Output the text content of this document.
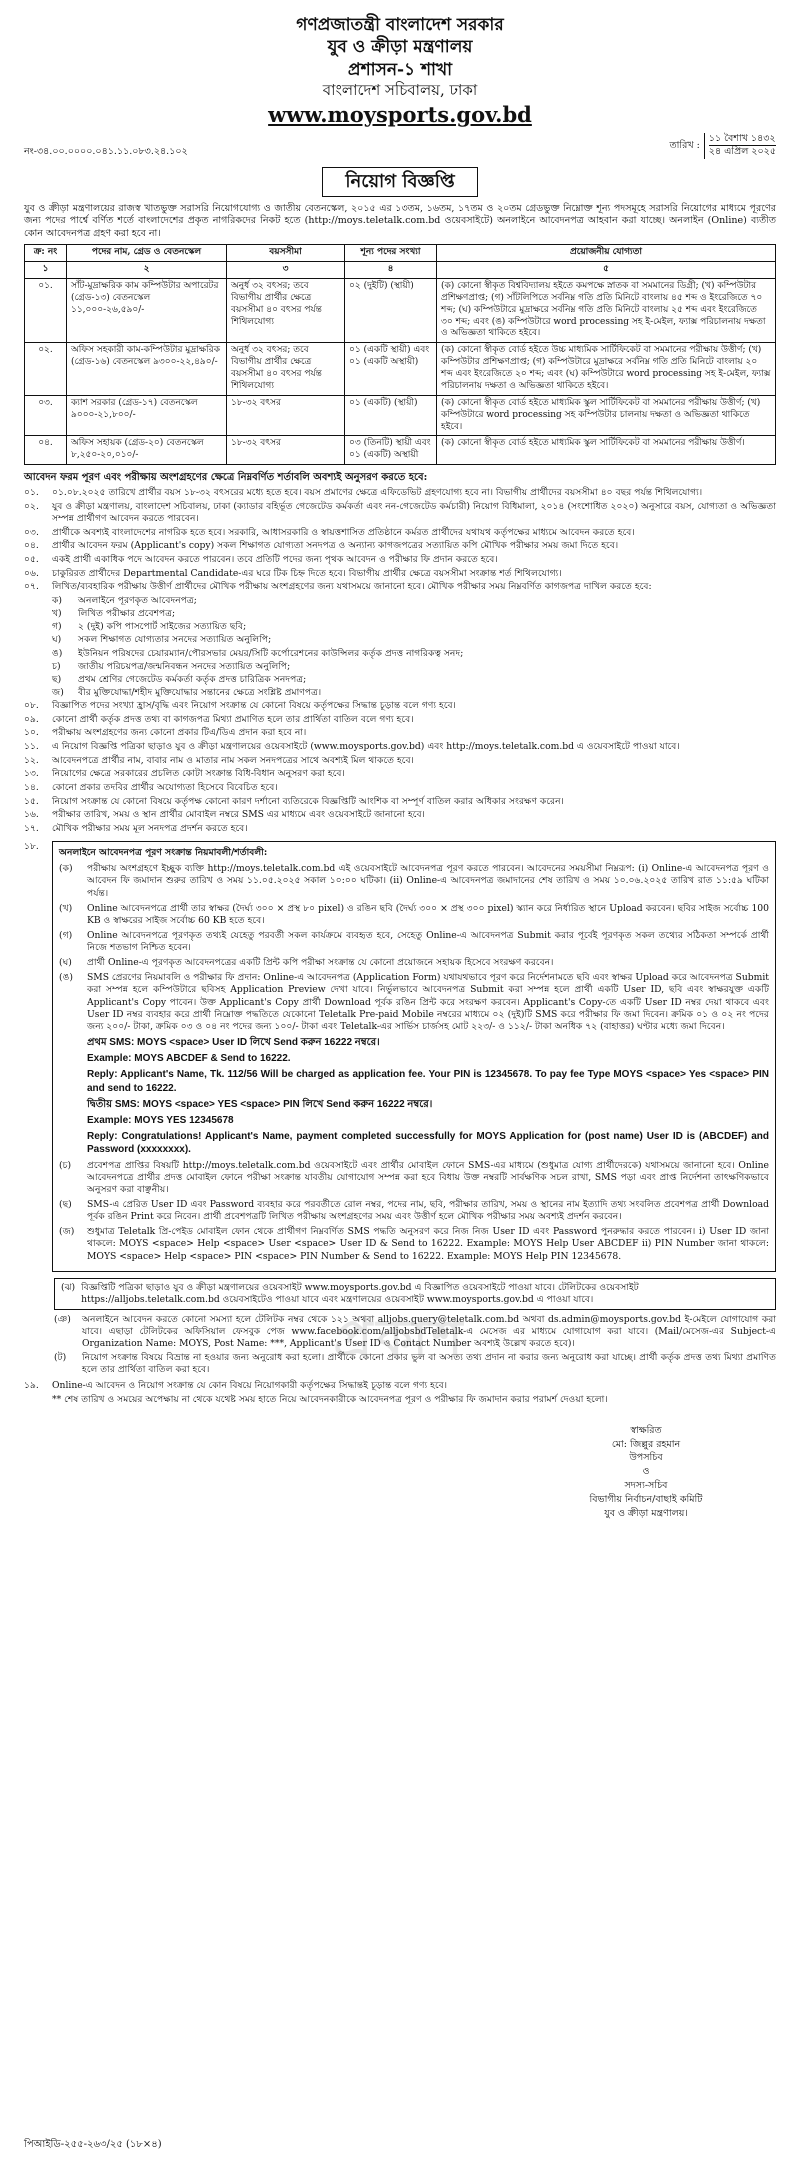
গণপ্রজাতন্ত্রী বাংলাদেশ সরকার
যুব ও ক্রীড়া মন্ত্রণালয়
প্রশাসন-১ শাখা
বাংলাদেশ সচিবালয়, ঢাকা
www.moysports.gov.bd
নং-৩৪.০০.০০০০.০৪১.১১.০৮৩.২৪.১০২
তারিখ :
১১ বৈশাখ ১৪৩২
২৪ এপ্রিল ২০২৫
নিয়োগ বিজ্ঞপ্তি

যুব ও ক্রীড়া মন্ত্রণালয়ের রাজস্ব খাতভুক্ত সরাসরি নিয়োগযোগ্য ও জাতীয় বেতনস্কেল, ২০১৫ এর ১৩তম, ১৬তম, ১৭তম ও ২০তম গ্রেডভুক্ত নিম্নোক্ত শূন্য পদসমূহে সরাসরি নিয়োগের মাধ্যমে পূরণের জন্য পদের পার্শ্বে বর্ণিত শর্তে বাংলাদেশের প্রকৃত নাগরিকদের নিকট হতে (http://moys.teletalk.com.bd ওয়েবসাইটে) অনলাইনে আবেদনপত্র আহবান করা যাচ্ছে। অনলাইন (Online) ব্যতীত কোন আবেদনপত্র গ্রহণ করা হবে না।

ক্র: নং	পদের নাম, গ্রেড ও বেতনস্কেল	বয়সসীমা	শূন্য পদের সংখ্যা	প্রয়োজনীয় যোগ্যতা
১	২	৩	৪	৫
০১.	সাঁট-মুদ্রাক্ষরিক কাম কম্পিউটার অপারেটর (গ্রেড-১৩) বেতনস্কেল ১১,০০০-২৬,৫৯০/-	অনুর্ধ ৩২ বৎসর; তবে বিভাগীয় প্রার্থীর ক্ষেত্রে বয়সসীমা ৪০ বৎসর পর্যন্ত শিথিলযোগ্য	০২ (দুইটি) (স্থায়ী)	(ক) কোনো স্বীকৃত বিশ্ববিদ্যালয় হইতে কমপক্ষে স্নাতক বা সমমানের ডিগ্রী; (খ) কম্পিউটার প্রশিক্ষণপ্রাপ্ত; (গ) সাঁটলিপিতে সর্বনিম্ন গতি প্রতি মিনিটে বাংলায় ৪৫ শব্দ ও ইংরেজিতে ৭০ শব্দ; (ঘ) কম্পিউটারে মুদ্রাক্ষরে সর্বনিম্ন গতি প্রতি মিনিটে বাংলায় ২৫ শব্দ এবং ইংরেজিতে ৩০ শব্দ; এবং (ঙ) কম্পিউটারে word processing সহ ই-মেইল, ফ্যাক্স পরিচালনায় দক্ষতা ও অভিজ্ঞতা থাকিতে হইবে।
০২.	অফিস সহকারী কাম-কম্পিউটার মুদ্রাক্ষরিক (গ্রেড-১৬) বেতনস্কেল ৯৩০০-২২,৪৯০/-	অনুর্ধ ৩২ বৎসর; তবে বিভাগীয় প্রার্থীর ক্ষেত্রে বয়সসীমা ৪০ বৎসর পর্যন্ত শিথিলযোগ্য	০১ (একটি স্থায়ী) এবং ০১ (একটি অস্থায়ী)	(ক) কোনো স্বীকৃত বোর্ড হইতে উচ্চ মাধ্যমিক সার্টিফিকেট বা সমমানের পরীক্ষায় উত্তীর্ণ; (খ) কম্পিউটার প্রশিক্ষণপ্রাপ্ত; (গ) কম্পিউটারে মুদ্রাক্ষরে সর্বনিম্ন গতি প্রতি মিনিটে বাংলায় ২০ শব্দ এবং ইংরেজিতে ২০ শব্দ; এবং (ঘ) কম্পিউটারে word processing সহ ই-মেইল, ফ্যাক্স পরিচালনায় দক্ষতা ও অভিজ্ঞতা থাকিতে হইবে।
০৩.	ক্যাশ সরকার (গ্রেড-১৭) বেতনস্কেল ৯০০০-২১,৮০০/-	১৮-৩২ বৎসর	০১ (একটি) (স্থায়ী)	(ক) কোনো স্বীকৃত বোর্ড হইতে মাধ্যমিক স্কুল সার্টিফিকেট বা সমমানের পরীক্ষায় উত্তীর্ণ; (খ) কম্পিউটারে word processing সহ কম্পিউটার চালনায় দক্ষতা ও অভিজ্ঞতা থাকিতে হইবে।
০৪.	অফিস সহায়ক (গ্রেড-২০) বেতনস্কেল ৮,২৫০-২০,০১০/-	১৮-৩২ বৎসর	০৩ (তিনটি) স্থায়ী এবং ০১ (একটি) অস্থায়ী	(ক) কোনো স্বীকৃত বোর্ড হইতে মাধ্যমিক স্কুল সার্টিফিকেট বা সমমানের পরীক্ষায় উত্তীর্ণ।
আবেদন ফরম পূরণ এবং পরীক্ষায় অংশগ্রহণের ক্ষেত্রে নিম্নবর্ণিত শর্তাবলি অবশ্যই অনুসরণ করতে হবে:
০১.	০১.০৮.২০২৫ তারিখে প্রার্থীর বয়স ১৮-৩২ বৎসরের মধ্যে হতে হবে। বয়স প্রমাণের ক্ষেত্রে এফিডেভিট গ্রহণযোগ্য হবে না। বিভাগীয় প্রার্থীদের বয়সসীমা ৪০ বছর পর্যন্ত শিথিলযোগ্য।
০২.	যুব ও ক্রীড়া মন্ত্রণালয়, বাংলাদেশ সচিবালয়, ঢাকা (ক্যাডার বহির্ভূত গেজেটেড কর্মকর্তা এবং নন-গেজেটেড কর্মচারী) নিয়োগ বিধিমালা, ২০১৪ (সংশোধিত ২০২০) অনুসারে বয়স, যোগ্যতা ও অভিজ্ঞতা সম্পন্ন প্রার্থীগণ আবেদন করতে পারবেন।
০৩.	প্রার্থীকে অবশ্যই বাংলাদেশের নাগরিক হতে হবে। সরকারি, আধাসরকারি ও স্বায়ত্তশাসিত প্রতিষ্ঠানে কর্মরত প্রার্থীদের যথাযথ কর্তৃপক্ষের মাধ্যমে আবেদন করতে হবে।
০৪.	প্রার্থীর আবেদন ফরম (Applicant's copy) সকল শিক্ষাগত যোগ্যতা সনদপত্র ও অন্যান্য কাগজপত্রের সত্যায়িত কপি মৌখিক পরীক্ষার সময় জমা দিতে হবে।
০৫.	একই প্রার্থী একাধিক পদে আবেদন করতে পারবেন। তবে প্রতিটি পদের জন্য পৃথক আবেদন ও পরীক্ষার ফি প্রদান করতে হবে।
০৬.	চাকুরিরত প্রার্থীদের Departmental Candidate-এর ঘরে টিক চিহ্ন দিতে হবে। বিভাগীয় প্রার্থীর ক্ষেত্রে বয়সসীমা সংক্রান্ত শর্ত শিথিলযোগ্য।
০৭.	লিখিত/ব্যবহারিক পরীক্ষায় উত্তীর্ণ প্রার্থীদের মৌখিক পরীক্ষায় অংশগ্রহণের জন্য যথাসময়ে জানানো হবে। মৌখিক পরীক্ষার সময় নিম্নবর্ণিত কাগজপত্র দাখিল করতে হবে:
ক)	অনলাইনে পূরণকৃত আবেদনপত্র;
খ)	লিখিত পরীক্ষার প্রবেশপত্র;
গ)	২ (দুই) কপি পাসপোর্ট সাইজের সত্যায়িত ছবি;
ঘ)	সকল শিক্ষাগত যোগ্যতার সনদের সত্যায়িত অনুলিপি;
ঙ)	ইউনিয়ন পরিষদের চেয়ারম্যান/পৌরসভার মেয়র/সিটি কর্পোরেশনের কাউন্সিলর কর্তৃক প্রদত্ত নাগরিকত্ব সনদ;
চ)	জাতীয় পরিচয়পত্র/জন্মনিবন্ধন সনদের সত্যায়িত অনুলিপি;
ছ)	প্রথম শ্রেণির গেজেটেড কর্মকর্তা কর্তৃক প্রদত্ত চারিত্রিক সনদপত্র;
জ)	বীর মুক্তিযোদ্ধা/শহীদ মুক্তিযোদ্ধার সন্তানের ক্ষেত্রে সংশ্লিষ্ট প্রমাণপত্র।
০৮.	বিজ্ঞাপিত পদের সংখ্যা হ্রাস/বৃদ্ধি এবং নিয়োগ সংক্রান্ত যে কোনো বিষয়ে কর্তৃপক্ষের সিদ্ধান্ত চূড়ান্ত বলে গণ্য হবে।
০৯.	কোনো প্রার্থী কর্তৃক প্রদত্ত তথ্য বা কাগজপত্র মিথ্যা প্রমাণিত হলে তার প্রার্থিতা বাতিল বলে গণ্য হবে।
১০.	পরীক্ষায় অংশগ্রহণের জন্য কোনো প্রকার টিএ/ডিএ প্রদান করা হবে না।
১১.	এ নিয়োগ বিজ্ঞপ্তি পত্রিকা ছাড়াও যুব ও ক্রীড়া মন্ত্রণালয়ের ওয়েবসাইটে (www.moysports.gov.bd) এবং http://moys.teletalk.com.bd এ ওয়েবসাইটে পাওয়া যাবে।
১২.	আবেদনপত্রে প্রার্থীর নাম, বাবার নাম ও মাতার নাম সকল সনদপত্রের সাথে অবশ্যই মিল থাকতে হবে।
১৩.	নিয়োগের ক্ষেত্রে সরকারের প্রচলিত কোটা সংক্রান্ত বিধি-বিধান অনুসরণ করা হবে।
১৪.	কোনো প্রকার তদবির প্রার্থীর অযোগ্যতা হিসেবে বিবেচিত হবে।
১৫.	নিয়োগ সংক্রান্ত যে কোনো বিষয়ে কর্তৃপক্ষ কোনো কারণ দর্শানো ব্যতিরেকে বিজ্ঞপ্তিটি আংশিক বা সম্পূর্ণ বাতিল করার অধিকার সংরক্ষণ করেন।
১৬.	পরীক্ষার তারিখ, সময় ও স্থান প্রার্থীর মোবাইল নম্বরে SMS এর মাধ্যমে এবং ওয়েবসাইটে জানানো হবে।
১৭.	মৌখিক পরীক্ষার সময় মূল সনদপত্র প্রদর্শন করতে হবে।
১৮.
অনলাইনে আবেদনপত্র পূরণ সংক্রান্ত নিয়মাবলী/শর্তাবলী:
(ক)	পরীক্ষায় অংশগ্রহণে ইচ্ছুক ব্যক্তি http://moys.teletalk.com.bd এই ওয়েবসাইটে আবেদনপত্র পূরণ করতে পারবেন। আবেদনের সময়সীমা নিম্নরূপ: (i) Online-এ আবেদনপত্র পূরণ ও আবেদন ফি জমাদান শুরুর তারিখ ও সময় ১১.০৫.২০২৫ সকাল ১০:০০ ঘটিকা। (ii) Online-এ আবেদনপত্র জমাদানের শেষ তারিখ ও সময় ১০.০৬.২০২৫ তারিখ রাত ১১:৫৯ ঘটিকা পর্যন্ত।
(খ)	Online আবেদনপত্রে প্রার্থী তার স্বাক্ষর (দৈর্ঘ্য ৩০০ × প্রস্থ ৮০ pixel) ও রঙিন ছবি (দৈর্ঘ্য ৩০০ × প্রস্থ ৩০০ pixel) স্ক্যান করে নির্ধারিত স্থানে Upload করবেন। ছবির সাইজ সর্বোচ্চ 100 KB ও স্বাক্ষরের সাইজ সর্বোচ্চ 60 KB হতে হবে।
(গ)	Online আবেদনপত্রে পূরণকৃত তথ্যই যেহেতু পরবর্তী সকল কার্যক্রমে ব্যবহৃত হবে, সেহেতু Online-এ আবেদনপত্র Submit করার পূর্বেই পূরণকৃত সকল তথ্যের সঠিকতা সম্পর্কে প্রার্থী নিজে শতভাগ নিশ্চিত হবেন।
(ঘ)	প্রার্থী Online-এ পূরণকৃত আবেদনপত্রের একটি প্রিন্ট কপি পরীক্ষা সংক্রান্ত যে কোনো প্রয়োজনে সহায়ক হিসেবে সংরক্ষণ করবেন।
(ঙ)	SMS প্রেরণের নিয়মাবলি ও পরীক্ষার ফি প্রদান: Online-এ আবেদনপত্র (Application Form) যথাযথভাবে পূরণ করে নির্দেশনামতে ছবি এবং স্বাক্ষর Upload করে আবেদনপত্র Submit করা সম্পন্ন হলে কম্পিউটারে ছবিসহ Application Preview দেখা যাবে। নির্ভুলভাবে আবেদনপত্র Submit করা সম্পন্ন হলে প্রার্থী একটি User ID, ছবি এবং স্বাক্ষরযুক্ত একটি Applicant's Copy পাবেন। উক্ত Applicant's Copy প্রার্থী Download পূর্বক রঙিন প্রিন্ট করে সংরক্ষণ করবেন। Applicant's Copy-তে একটি User ID নম্বর দেয়া থাকবে এবং User ID নম্বর ব্যবহার করে প্রার্থী নিম্নোক্ত পদ্ধতিতে যেকোনো Teletalk Pre-paid Mobile নম্বরের মাধ্যমে ০২ (দুই)টি SMS করে পরীক্ষার ফি জমা দিবেন। ক্রমিক ০১ ও ০২ নং পদের জন্য ২০০/- টাকা, ক্রমিক ০৩ ও ০৪ নং পদের জন্য ১০০/- টাকা এবং Teletalk-এর সার্ভিস চার্জসহ মোট ২২৩/- ও ১১২/- টাকা অনধিক ৭২ (বাহাত্তর) ঘণ্টার মধ্যে জমা দিবেন।
প্রথম SMS: MOYS <space> User ID লিখে Send করুন 16222 নম্বরে।
Example: MOYS ABCDEF & Send to 16222.
Reply: Applicant's Name, Tk. 112/56 Will be charged as application fee. Your PIN is 12345678. To pay fee Type MOYS <space> Yes <space> PIN and send to 16222.
দ্বিতীয় SMS: MOYS <space> YES <space> PIN লিখে Send করুন 16222 নম্বরে।
Example: MOYS YES 12345678
Reply: Congratulations! Applicant's Name, payment completed successfully for MOYS Application for (post name) User ID is (ABCDEF) and Password (xxxxxxxx).
(চ)	প্রবেশপত্র প্রাপ্তির বিষয়টি http://moys.teletalk.com.bd ওয়েবসাইটে এবং প্রার্থীর মোবাইল ফোনে SMS-এর মাধ্যমে (শুধুমাত্র যোগ্য প্রার্থীদেরকে) যথাসময়ে জানানো হবে। Online আবেদনপত্রে প্রার্থীর প্রদত্ত মোবাইল ফোনে পরীক্ষা সংক্রান্ত যাবতীয় যোগাযোগ সম্পন্ন করা হবে বিধায় উক্ত নম্বরটি সার্বক্ষণিক সচল রাখা, SMS পড়া এবং প্রাপ্ত নির্দেশনা তাৎক্ষণিকভাবে অনুসরণ করা বাঞ্ছনীয়।
(ছ)	SMS-এ প্রেরিত User ID এবং Password ব্যবহার করে পরবর্তীতে রোল নম্বর, পদের নাম, ছবি, পরীক্ষার তারিখ, সময় ও স্থানের নাম ইত্যাদি তথ্য সংবলিত প্রবেশপত্র প্রার্থী Download পূর্বক রঙিন Print করে নিবেন। প্রার্থী প্রবেশপত্রটি লিখিত পরীক্ষায় অংশগ্রহণের সময় এবং উত্তীর্ণ হলে মৌখিক পরীক্ষার সময় অবশ্যই প্রদর্শন করবেন।
(জ)	শুধুমাত্র Teletalk প্রি-পেইড মোবাইল ফোন থেকে প্রার্থীগণ নিম্নবর্ণিত SMS পদ্ধতি অনুসরণ করে নিজ নিজ User ID এবং Password পুনরুদ্ধার করতে পারবেন। i) User ID জানা থাকলে: MOYS <space> Help <space> User <space> User ID & Send to 16222. Example: MOYS Help User ABCDEF ii) PIN Number জানা থাকলে: MOYS <space> Help <space> PIN <space> PIN Number & Send to 16222. Example: MOYS Help PIN 12345678.
(ঝ) বিজ্ঞপ্তিটি পত্রিকা ছাড়াও যুব ও ক্রীড়া মন্ত্রণালয়ের ওয়েবসাইট www.moysports.gov.bd এ বিজ্ঞাপিত ওয়েবসাইটে পাওয়া যাবে। টেলিটকের ওয়েবসাইট https://alljobs.teletalk.com.bd ওয়েবসাইটেও পাওয়া যাবে এবং মন্ত্রণালয়ের ওয়েবসাইট www.moysports.gov.bd এ পাওয়া যাবে।
(ঞ)	অনলাইনে আবেদন করতে কোনো সমস্যা হলে টেলিটক নম্বর থেকে ১২১ অথবা alljobs.query@teletalk.com.bd অথবা ds.admin@moysports.gov.bd ই-মেইলে যোগাযোগ করা যাবে। এছাড়া টেলিটকের অফিসিয়াল ফেসবুক পেজ www.facebook.com/alljobsbdTeletalk-এ মেসেজ এর মাধ্যমে যোগাযোগ করা যাবে। (Mail/মেসেজ-এর Subject-এ Organization Name: MOYS, Post Name: ***, Applicant's User ID ও Contact Number অবশ্যই উল্লেখ করতে হবে)।
(ট)	নিয়োগ সংক্রান্ত বিষয়ে বিভ্রান্ত না হওয়ার জন্য অনুরোধ করা হলো। প্রার্থীকে কোনো প্রকার ভুল বা অসত্য তথ্য প্রদান না করার জন্য অনুরোধ করা যাচ্ছে। প্রার্থী কর্তৃক প্রদত্ত তথ্য মিথ্যা প্রমাণিত হলে তার প্রার্থিতা বাতিল করা হবে।
১৯.	Online-এ আবেদন ও নিয়োগ সংক্রান্ত যে কোন বিষয়ে নিয়োগকারী কর্তৃপক্ষের সিদ্ধান্তই চূড়ান্ত বলে গণ্য হবে।
** শেষ তারিখ ও সময়ের অপেক্ষায় না থেকে যথেষ্ট সময় হাতে নিয়ে আবেদনকারীকে আবেদনপত্র পূরণ ও পরীক্ষার ফি জমাদান করার পরামর্শ দেওয়া হলো।
স্বাক্ষরিত
মো: জিল্লুর রহমান
উপসচিব
ও
সদস্য-সচিব
বিভাগীয় নির্বাচন/বাছাই কমিটি
যুব ও ক্রীড়া মন্ত্রণালয়।
প্রকাশ
পিআইডি-২৫৫-২৬৩/২৫ (১৮×৪)
